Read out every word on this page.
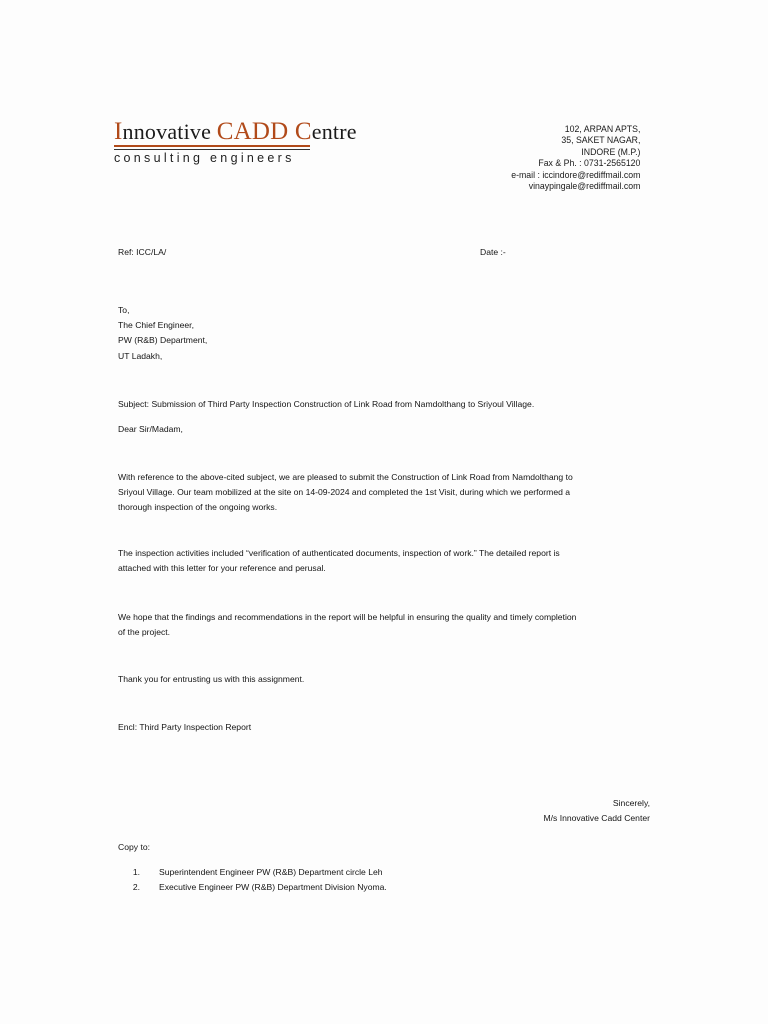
Innovative CADD Centre
consulting engineers
102, ARPAN APTS,
35, SAKET NAGAR,
INDORE (M.P.)
Fax & Ph. : 0731-2565120
e-mail : iccindore@rediffmail.com
vinaypingale@rediffmail.com
Ref: ICC/LA/	Date :-
To,
The Chief Engineer,
PW (R&B) Department,
UT Ladakh,
Subject: Submission of Third Party Inspection Construction of Link Road from Namdolthang to Sriyoul Village.
Dear Sir/Madam,
With reference to the above-cited subject, we are pleased to submit the Construction of Link Road from Namdolthang to
Sriyoul Village. Our team mobilized at the site on 14-09-2024 and completed the 1st Visit, during which we performed a
thorough inspection of the ongoing works.
The inspection activities included “verification of authenticated documents, inspection of work.” The detailed report is
attached with this letter for your reference and perusal.
We hope that the findings and recommendations in the report will be helpful in ensuring the quality and timely completion
of the project.
Thank you for entrusting us with this assignment.
Encl: Third Party Inspection Report
Sincerely,
M/s Innovative Cadd Center
Copy to:
1. Superintendent Engineer PW (R&B) Department circle Leh
2. Executive Engineer PW (R&B) Department Division Nyoma.
